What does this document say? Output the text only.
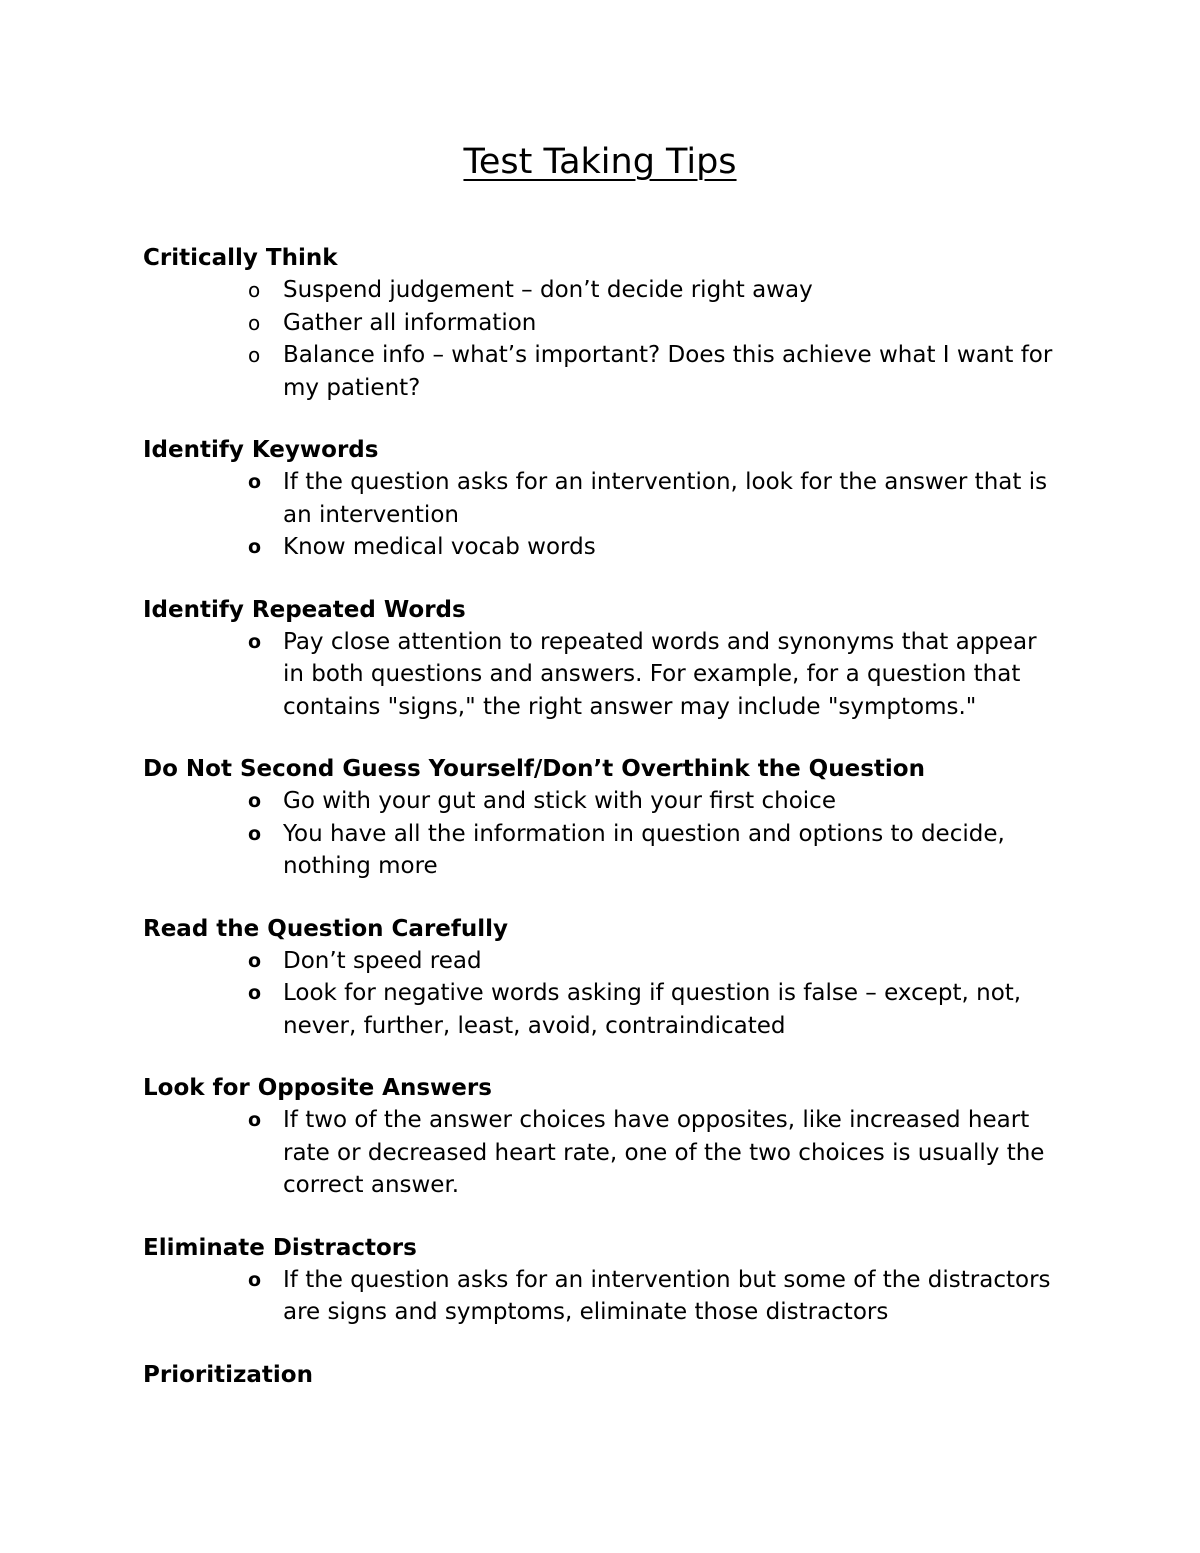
Test Taking Tips
Critically Think
o Suspend judgement – don’t decide right away
o Gather all information
o Balance info – what’s important? Does this achieve what I want for my patient?
Identify Keywords
o If the question asks for an intervention, look for the answer that is an intervention
o Know medical vocab words
Identify Repeated Words
o Pay close attention to repeated words and synonyms that appear in both questions and answers. For example, for a question that contains "signs," the right answer may include "symptoms."
Do Not Second Guess Yourself/Don’t Overthink the Question
o Go with your gut and stick with your first choice
o You have all the information in question and options to decide, nothing more
Read the Question Carefully
o Don’t speed read
o Look for negative words asking if question is false – except, not, never, further, least, avoid, contraindicated
Look for Opposite Answers
o If two of the answer choices have opposites, like increased heart rate or decreased heart rate, one of the two choices is usually the correct answer.
Eliminate Distractors
o If the question asks for an intervention but some of the distractors are signs and symptoms, eliminate those distractors
Prioritization
